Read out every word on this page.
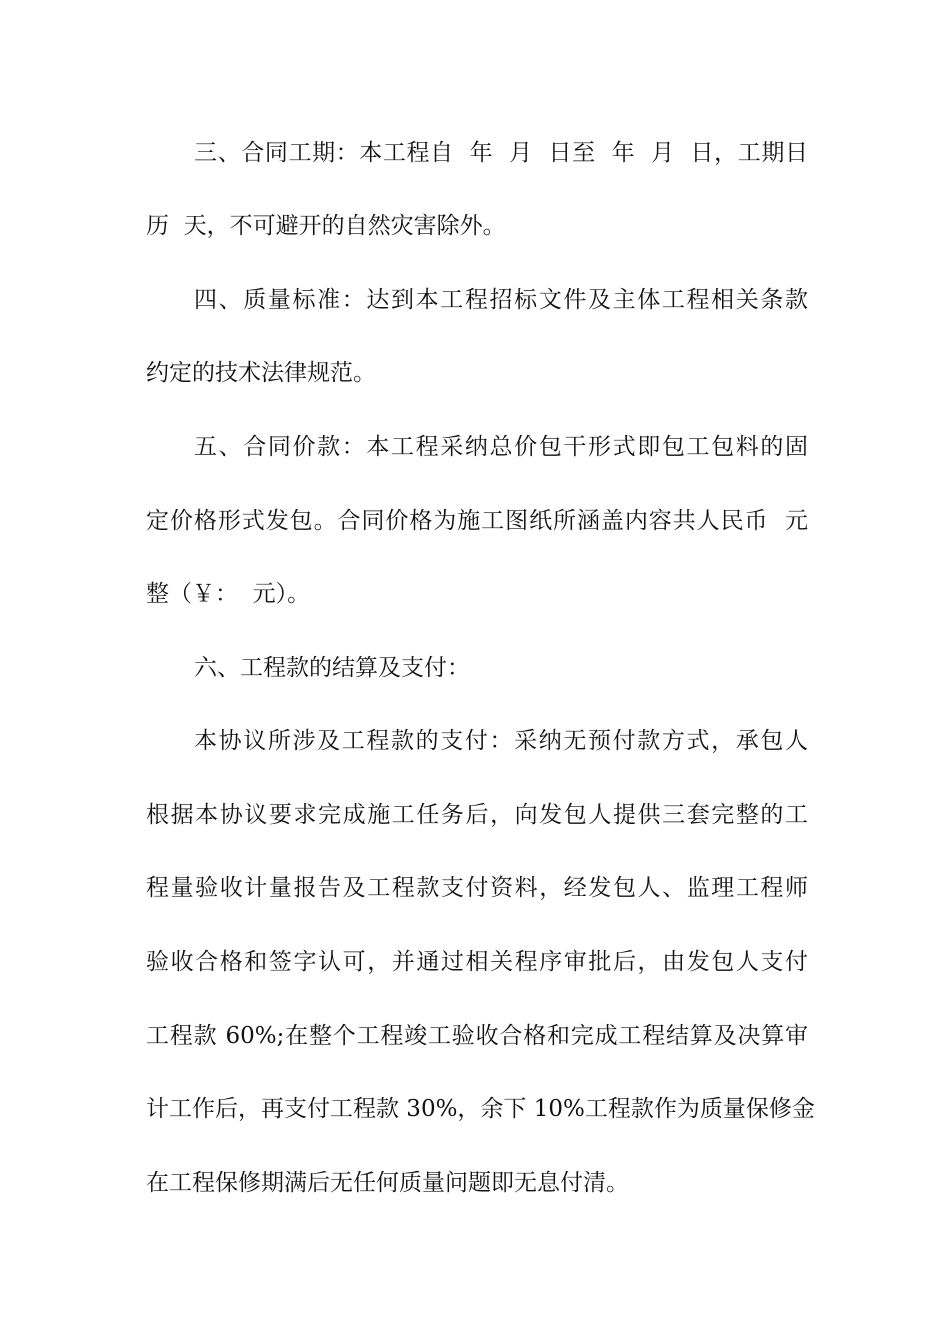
三、合同工期：本工程自  年  月  日至  年  月  日，工期日
历  天，不可避开的自然灾害除外。
四、质量标准：达到本工程招标文件及主体工程相关条款
约定的技术法律规范。
五、合同价款：本工程采纳总价包干形式即包工包料的固
定价格形式发包。合同价格为施工图纸所涵盖内容共人民币  元
整（￥：  元）。
六、工程款的结算及支付：
本协议所涉及工程款的支付：采纳无预付款方式，承包人
根据本协议要求完成施工任务后，向发包人提供三套完整的工
程量验收计量报告及工程款支付资料，经发包人、监理工程师
验收合格和签字认可，并通过相关程序审批后，由发包人支付
工程款 60%;在整个工程竣工验收合格和完成工程结算及决算审
计工作后，再支付工程款 30%，余下 10%工程款作为质量保修金
在工程保修期满后无任何质量问题即无息付清。
